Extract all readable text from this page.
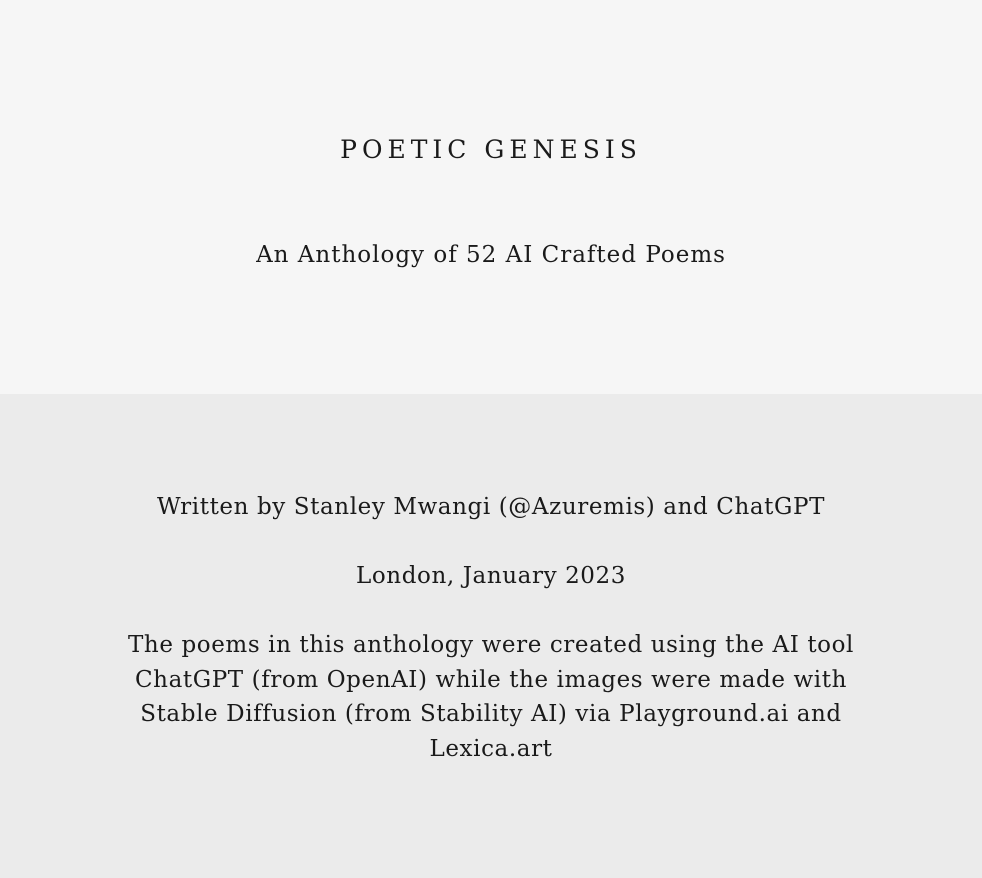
POETIC GENESIS

An Anthology of 52 AI Crafted Poems

Written by Stanley Mwangi (@Azuremis) and ChatGPT

London, January 2023

The poems in this anthology were created using the AI tool ChatGPT (from OpenAI) while the images were made with Stable Diffusion (from Stability AI) via Playground.ai and Lexica.art
